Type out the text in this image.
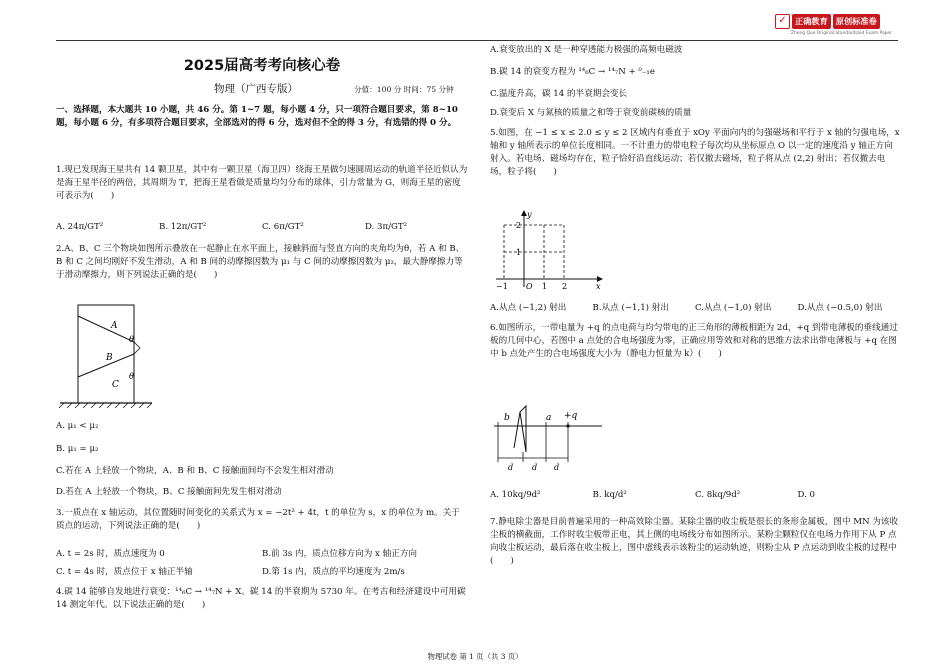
✓	正确教育 原创标准卷
Zheng Que Original Standardized Exam Paper
2025届高考考向核心卷
物理（广西专版）	分值：100 分 时间：75 分钟

一、选择题，本大题共 10 小题，共 46 分。第 1~7 题，每小题 4 分，只一项符合题目要求，第 8~10 题，每小题 6 分，有多项符合题目要求，全部选对的得 6 分，选对但不全的得 3 分，有选错的得 0 分。

1.现已发现海王星共有 14 颗卫星，其中有一颗卫星（海卫四）绕海王星做匀速圆周运动的轨道半径近似认为是海王星半径的两倍，其周期为 T，把海王星看做是质量均匀分布的球体，引力常量为 G，则海王星的密度可表示为(　　)

A. 24π/GT²	B. 12π/GT²	C. 6π/GT²	D. 3π/GT²

2.A、B、C 三个物块如图所示叠放在一起静止在水平面上，接触斜面与竖直方向的夹角均为θ，若 A 和 B、B 和 C 之间均刚好不发生滑动，A 和 B 间的动摩擦因数为 μ₁ 与 C 间的动摩擦因数为 μ₂，最大静摩擦力等于滑动摩擦力，则下列说法正确的是(　　)

A
B
C
θ
θ

A. μ₁ < μ₂

B. μ₁ = μ₂

C.若在 A 上轻放一个物块，A、B 和 B、C 接触面间均不会发生相对滑动

D.若在 A 上轻放一个物块，B、C 接触面间先发生相对滑动

3.一质点在 x 轴运动，其位置随时间变化的关系式为 x = −2t² + 4t，t 的单位为 s，x 的单位为 m。关于质点的运动，下列说法正确的是(　　)

A. t = 2s 时，质点速度为 0	B.前 3s 内，质点位移方向为 x 轴正方向
C. t = 4s 时，质点位于 x 轴正半轴	D.第 1s 内，质点的平均速度为 2m/s

4.碳 14 能够自发地进行衰变：¹⁴₆C → ¹⁴₇N + X。碳 14 的半衰期为 5730 年。在考古和经济建设中可用碳 14 测定年代。以下说法正确的是(　　)

A.衰变放出的 X 是一种穿透能力极强的高频电磁波

B.碳 14 的衰变方程为 ¹⁴₆C → ¹⁴₇N + ⁰₋₁e

C.温度升高，碳 14 的半衰期会变长

D.衰变后 X 与氮核的质量之和等于衰变前碳核的质量

5.如图，在 −1 ≤ x ≤ 2.0 ≤ y ≤ 2 区域内有垂直于 xOy 平面向内的匀强磁场和平行于 x 轴的匀强电场，x 轴和 y 轴所表示的单位长度相同。一不计重力的带电粒子每次均从坐标原点 O 以一定的速度沿 y 轴正方向射入。若电场、磁场均存在，粒子恰好沿直线运动；若仅撤去磁场，粒子将从点 (2,2) 射出；若仅撤去电场，粒子将(　　)

y
x
O
2
1
−1	1 2
A.从点 (−1,2) 射出	B.从点 (−1,1) 射出	C.从点 (−1,0) 射出	D.从点 (−0.5,0) 射出

6.如图所示，一带电量为 +q 的点电荷与均匀带电的正三角形的薄板相距为 2d，+q 到带电薄板的垂线通过板的几何中心，若图中 a 点处的合电场强度为零，正确应用等效和对称的思维方法求出带电薄板与 +q 在图中 b 点处产生的合电场强度大小为（静电力恒量为 k）(　　)

b	a +q
d d d
A. 10kq/9d²	B. kq/d²	C. 8kq/9d²	D. 0

7.静电除尘器是目前普遍采用的一种高效除尘器。某除尘器的收尘板是很长的条形金属板，图中 MN 为该收尘板的横截面，工作时收尘板带正电，其上侧的电场线分布如图所示。某粉尘颗粒仅在电场力作用下从 P 点向收尘板运动，最后落在收尘板上，图中虚线表示该粉尘的运动轨迹，则粉尘从 P 点运动到收尘板的过程中(　　)

物理试卷 第 1 页（共 3 页）
